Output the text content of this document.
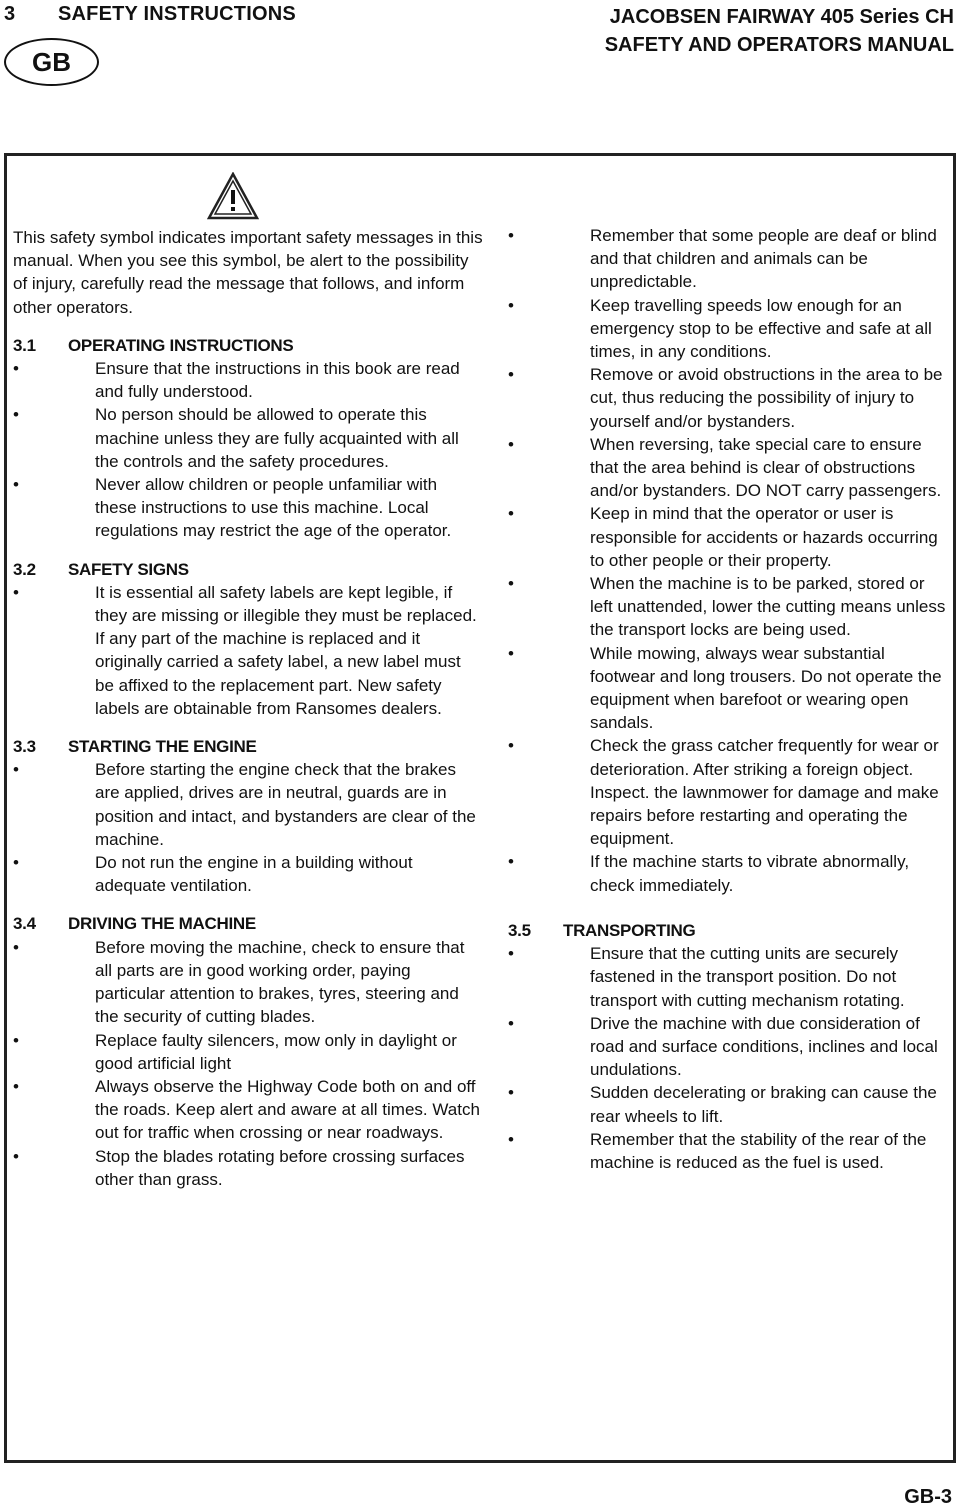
3 SAFETY INSTRUCTIONS	JACOBSEN FAIRWAY 405 Series CH
SAFETY AND OPERATORS MANUAL
GB

This safety symbol indicates important safety messages in this manual. When you see this symbol, be alert to the possibility of injury, carefully read the message that follows, and inform other operators.

3.1	OPERATING INSTRUCTIONS
•	Ensure that the instructions in this book are read and fully understood.
•	No person should be allowed to operate this machine unless they are fully acquainted with all the controls and the safety procedures.
•	Never allow children or people unfamiliar with these instructions to use this machine. Local regulations may restrict the age of the operator.
3.2	SAFETY SIGNS
•	It is essential all safety labels are kept legible, if they are missing or illegible they must be replaced. If any part of the machine is replaced and it originally carried a safety label, a new label must be affixed to the replacement part. New safety labels are obtainable from Ransomes dealers.
3.3	STARTING THE ENGINE
•	Before starting the engine check that the brakes are applied, drives are in neutral, guards are in position and intact, and bystanders are clear of the machine.
•	Do not run the engine in a building without adequate ventilation.
3.4	DRIVING THE MACHINE
•	Before moving the machine, check to ensure that all parts are in good working order, paying particular attention to brakes, tyres, steering and the security of cutting blades.
•	Replace faulty silencers, mow only in daylight or good artificial light
•	Always observe the Highway Code both on and off the roads. Keep alert and aware at all times. Watch out for traffic when crossing or near roadways.
•	Stop the blades rotating before crossing surfaces other than grass.
•	Remember that some people are deaf or blind and that children and animals can be unpredictable.
•	Keep travelling speeds low enough for an emergency stop to be effective and safe at all times, in any conditions.
•	Remove or avoid obstructions in the area to be cut, thus reducing the possibility of injury to yourself and/or bystanders.
•	When reversing, take special care to ensure that the area behind is clear of obstructions and/or bystanders. DO NOT carry passengers.
•	Keep in mind that the operator or user is responsible for accidents or hazards occurring to other people or their property.
•	When the machine is to be parked, stored or left unattended, lower the cutting means unless the transport locks are being used.
•	While mowing, always wear substantial footwear and long trousers. Do not operate the equipment when barefoot or wearing open sandals.
•	Check the grass catcher frequently for wear or deterioration. After striking a foreign object. Inspect. the lawnmower for damage and make repairs before restarting and operating the equipment.
•	If the machine starts to vibrate abnormally, check immediately.
3.5	TRANSPORTING
•	Ensure that the cutting units are securely fastened in the transport position. Do not transport with cutting mechanism rotating.
•	Drive the machine with due consideration of road and surface conditions, inclines and local undulations.
•	Sudden decelerating or braking can cause the rear wheels to lift.
•	Remember that the stability of the rear of the machine is reduced as the fuel is used.
GB-3
